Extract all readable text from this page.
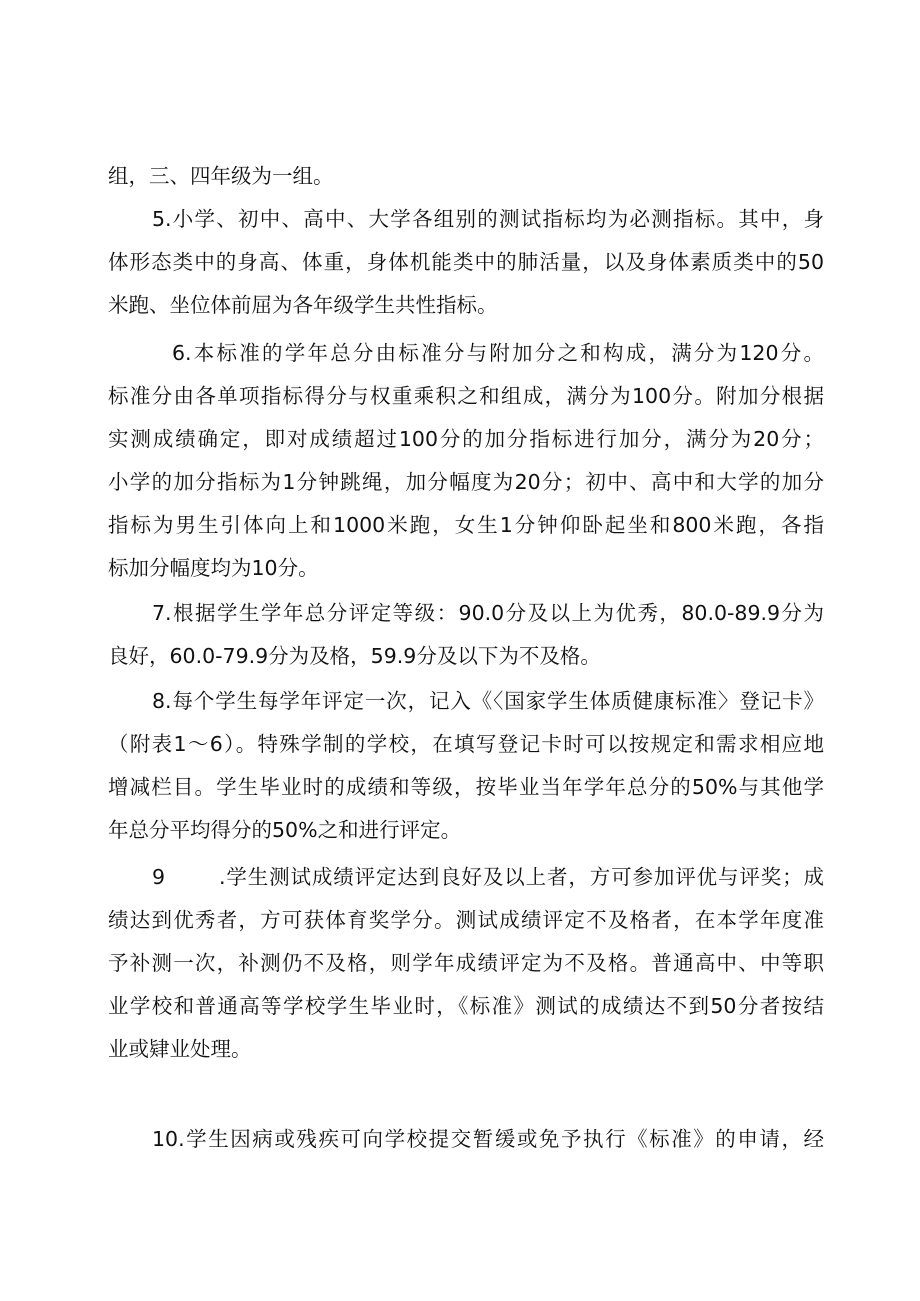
组，三、四年级为一组。
5.小学、初中、高中、大学各组别的测试指标均为必测指标。其中，身
体形态类中的身高、体重，身体机能类中的肺活量，以及身体素质类中的50
米跑、坐位体前屈为各年级学生共性指标。
6.本标准的学年总分由标准分与附加分之和构成，满分为120分。
标准分由各单项指标得分与权重乘积之和组成，满分为100分。附加分根据
实测成绩确定，即对成绩超过100分的加分指标进行加分，满分为20分；
小学的加分指标为1分钟跳绳，加分幅度为20分；初中、高中和大学的加分
指标为男生引体向上和1000米跑，女生1分钟仰卧起坐和800米跑，各指
标加分幅度均为10分。
7.根据学生学年总分评定等级：90.0分及以上为优秀，80.0-89.9分为
良好，60.0-79.9分为及格，59.9分及以下为不及格。
8.每个学生每学年评定一次，记入《〈国家学生体质健康标准〉登记卡》
（附表1～6）。特殊学制的学校，在填写登记卡时可以按规定和需求相应地
增减栏目。学生毕业时的成绩和等级，按毕业当年学年总分的50%与其他学
年总分平均得分的50%之和进行评定。
9	.学生测试成绩评定达到良好及以上者，方可参加评优与评奖；成
绩达到优秀者，方可获体育奖学分。测试成绩评定不及格者，在本学年度准
予补测一次，补测仍不及格，则学年成绩评定为不及格。普通高中、中等职
业学校和普通高等学校学生毕业时，《标准》测试的成绩达不到50分者按结
业或肄业处理。
10.学生因病或残疾可向学校提交暂缓或免予执行《标准》的申请，经
